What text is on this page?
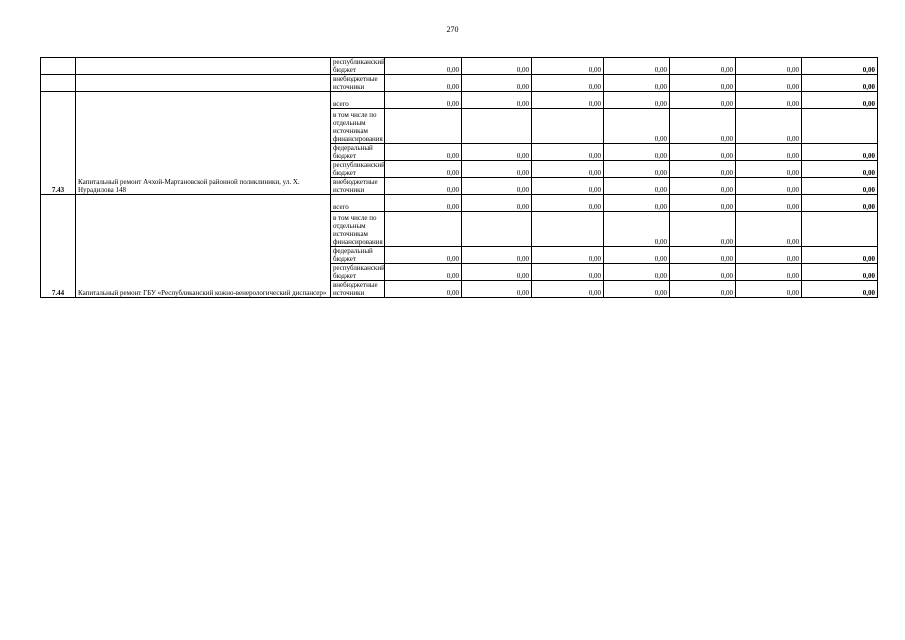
270
		республиканский бюджет	0,00	0,00	0,00	0,00	0,00	0,00	0,00
		внебюджетные источники	0,00	0,00	0,00	0,00	0,00	0,00	0,00
7.43	Капитальный ремонт Ачхой-Мартановской районной поликлиники, ул. Х. Нурадилова 148	всего	0,00	0,00	0,00	0,00	0,00	0,00	0,00
		в том числе по отдельным источникам финансирования				0,00	0,00	0,00	
		федеральный бюджет	0,00	0,00	0,00	0,00	0,00	0,00	0,00
		республиканский бюджет	0,00	0,00	0,00	0,00	0,00	0,00	0,00
		внебюджетные источники	0,00	0,00	0,00	0,00	0,00	0,00	0,00
7.44	Капитальный ремонт ГБУ «Республиканский кожно-венерологический диспансер»	всего	0,00	0,00	0,00	0,00	0,00	0,00	0,00
		в том числе по отдельным источникам финансирования				0,00	0,00	0,00	
		федеральный бюджет	0,00	0,00	0,00	0,00	0,00	0,00	0,00
		республиканский бюджет	0,00	0,00	0,00	0,00	0,00	0,00	0,00
		внебюджетные источники	0,00	0,00	0,00	0,00	0,00	0,00	0,00
